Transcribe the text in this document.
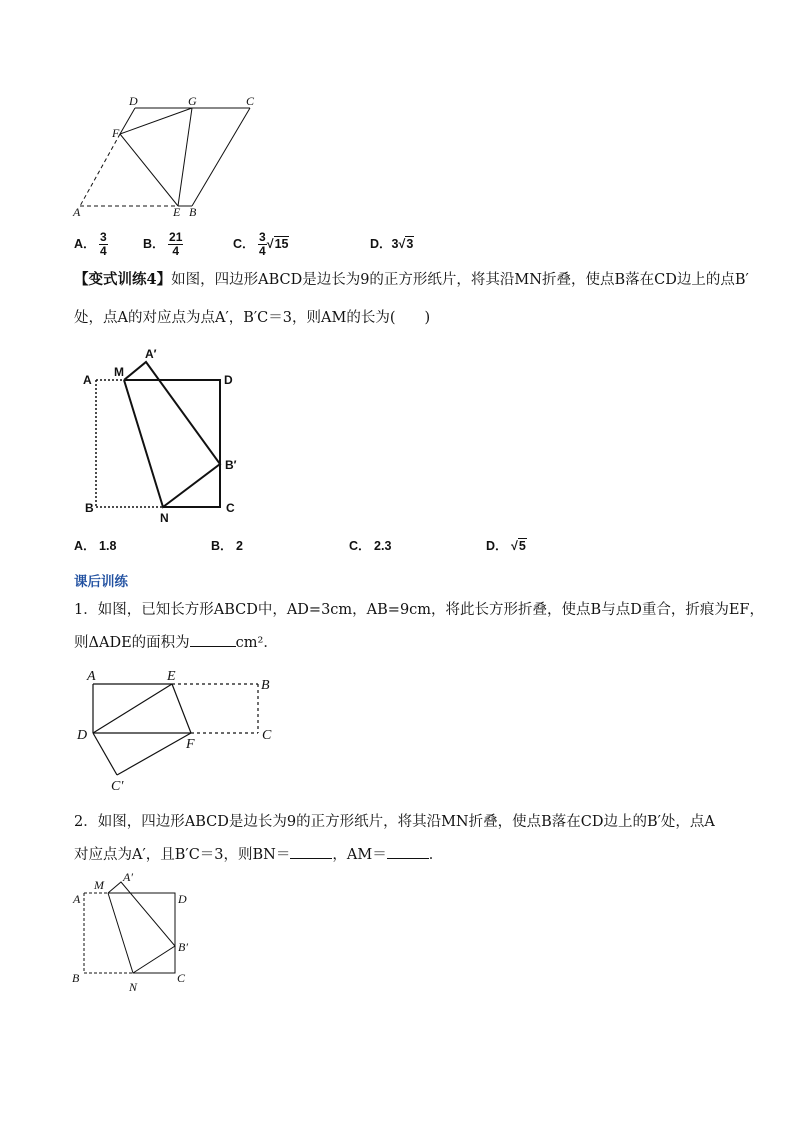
D	G	C
F
A	E B
A． $\frac{3}{4}$	B． $\frac{21}{4}$	C． $\frac{3}{4} √15$	D．3√3
【变式训练4】如图，四边形ABCD是边长为9的正方形纸片，将其沿MN折叠，使点B落在CD边上的点B′
处，点A的对应点为点A′，B′C＝3，则AM的长为(　　)
M
A′
A	D
B′
B
N
C
A． 1.8	B． 2	C． 2.3	D． √5
课后训练
1．如图，已知长方形ABCD中，AD=3cm，AB=9cm，将此长方形折叠，使点B与点D重合，折痕为EF，
则ΔADE的面积为	cm²．
A	E
B
D
F
C
C′
2．如图，四边形ABCD是边长为9的正方形纸片，将其沿MN折叠，使点B落在CD边上的B′处，点A
对应点为A′，且B′C＝3，则BN＝	，AM＝	．
M
A′
A	D
B′
B
N
C
